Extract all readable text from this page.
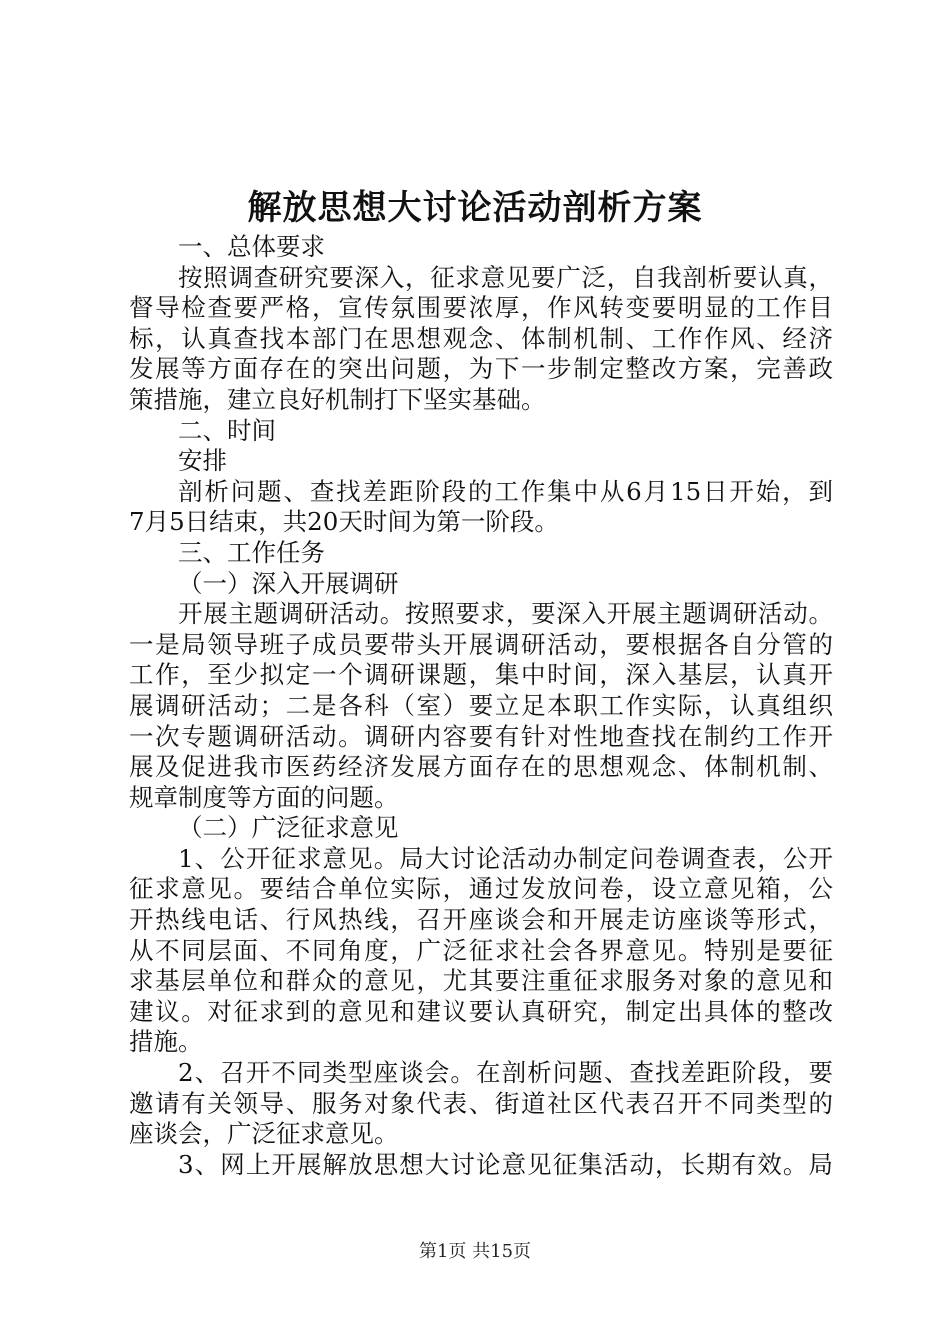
解放思想大讨论活动剖析方案
一、总体要求
按照调查研究要深入，征求意见要广泛，自我剖析要认真，
督导检查要严格，宣传氛围要浓厚，作风转变要明显的工作目
标，认真查找本部门在思想观念、体制机制、工作作风、经济
发展等方面存在的突出问题，为下一步制定整改方案，完善政
策措施，建立良好机制打下坚实基础。
二、时间
安排
剖析问题、查找差距阶段的工作集中从6月15日开始，到
7月5日结束，共20天时间为第一阶段。
三、工作任务
（一）深入开展调研
开展主题调研活动。按照要求，要深入开展主题调研活动。
一是局领导班子成员要带头开展调研活动，要根据各自分管的
工作，至少拟定一个调研课题，集中时间，深入基层，认真开
展调研活动；二是各科（室）要立足本职工作实际，认真组织
一次专题调研活动。调研内容要有针对性地查找在制约工作开
展及促进我市医药经济发展方面存在的思想观念、体制机制、
规章制度等方面的问题。
（二）广泛征求意见
1、公开征求意见。局大讨论活动办制定问卷调查表，公开
征求意见。要结合单位实际，通过发放问卷，设立意见箱，公
开热线电话、行风热线，召开座谈会和开展走访座谈等形式，
从不同层面、不同角度，广泛征求社会各界意见。特别是要征
求基层单位和群众的意见，尤其要注重征求服务对象的意见和
建议。对征求到的意见和建议要认真研究，制定出具体的整改
措施。
2、召开不同类型座谈会。在剖析问题、查找差距阶段，要
邀请有关领导、服务对象代表、街道社区代表召开不同类型的
座谈会，广泛征求意见。
3、网上开展解放思想大讨论意见征集活动，长期有效。局
第1页 共15页
